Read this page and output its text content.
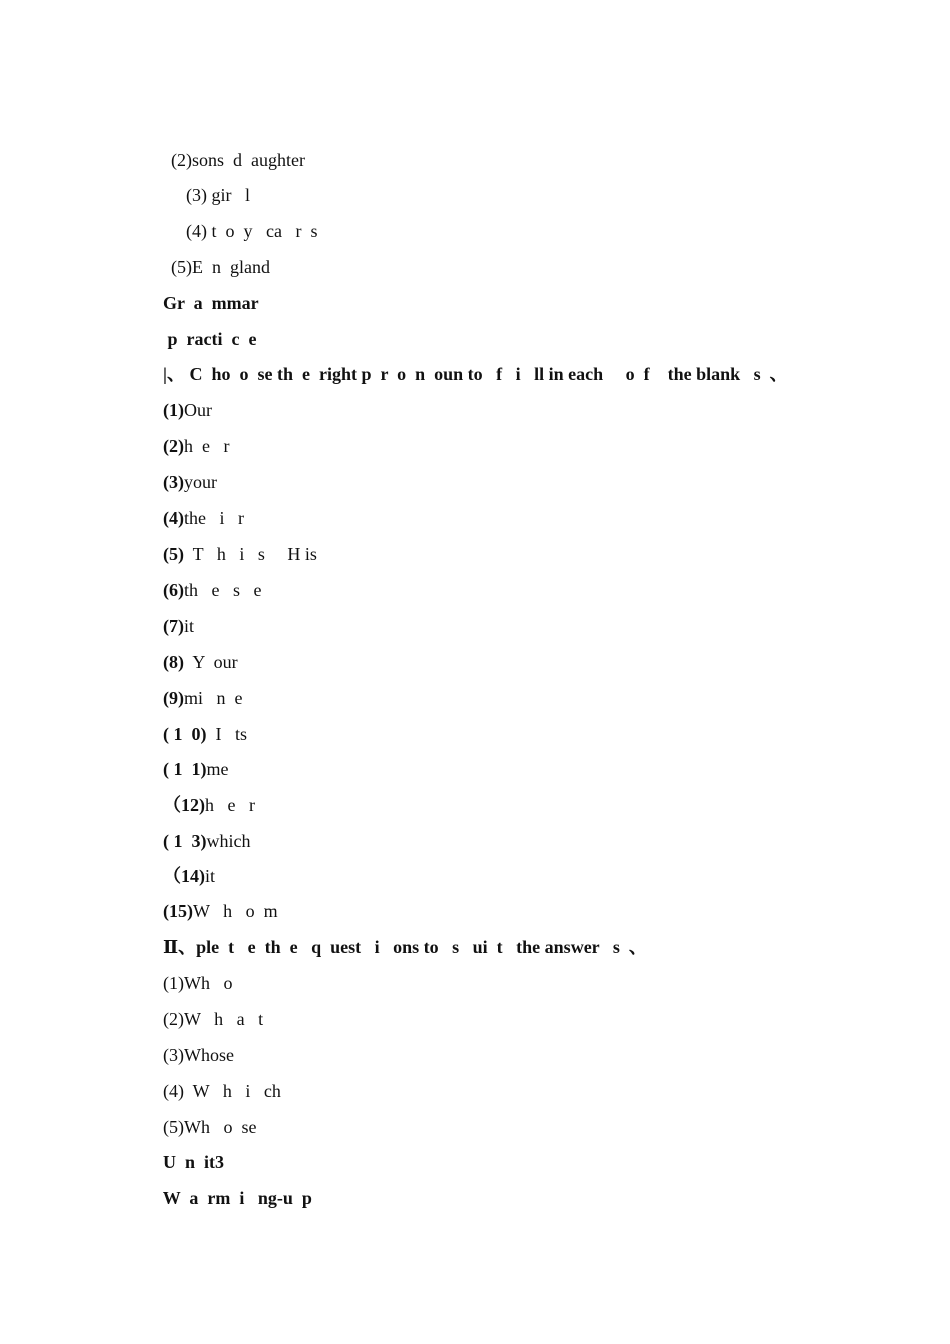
(2)sons  d  aughter

(3) gir   l

(4) t  o  y   ca   r  s

(5)E  n  gland

Gr  a  mmar

p  racti  c  e

|、 C  ho  o  se th  e  right p  r  o  n  oun to   f   i   ll in each     o  f    the blank   s  、

(1)Our

(2)h  e   r

(3)your

(4)the   i   r

(5)  T   h   i   s     H is

(6)th   e   s   e

(7)it

(8)  Y  our

(9)mi   n  e

( 1  0)  I   ts

( 1  1)me

（12)h   e   r

( 1  3)which

（14)it

(15)W   h   o  m

Ⅱ、ple  t   e  th  e   q  uest   i   ons to   s   ui  t   the answer   s  、

(1)Wh   o

(2)W   h   a   t

(3)Whose

(4)  W   h   i   ch

(5)Wh   o  se

U  n  it3

W  a  rm  i   ng-u  p
